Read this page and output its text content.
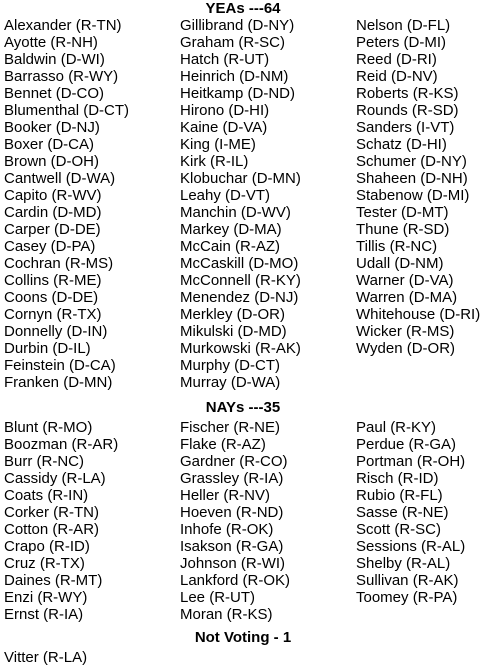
YEAs ---64
Alexander (R-TN)
Ayotte (R-NH)
Baldwin (D-WI)
Barrasso (R-WY)
Bennet (D-CO)
Blumenthal (D-CT)
Booker (D-NJ)
Boxer (D-CA)
Brown (D-OH)
Cantwell (D-WA)
Capito (R-WV)
Cardin (D-MD)
Carper (D-DE)
Casey (D-PA)
Cochran (R-MS)
Collins (R-ME)
Coons (D-DE)
Cornyn (R-TX)
Donnelly (D-IN)
Durbin (D-IL)
Feinstein (D-CA)
Franken (D-MN)
Gillibrand (D-NY)
Graham (R-SC)
Hatch (R-UT)
Heinrich (D-NM)
Heitkamp (D-ND)
Hirono (D-HI)
Kaine (D-VA)
King (I-ME)
Kirk (R-IL)
Klobuchar (D-MN)
Leahy (D-VT)
Manchin (D-WV)
Markey (D-MA)
McCain (R-AZ)
McCaskill (D-MO)
McConnell (R-KY)
Menendez (D-NJ)
Merkley (D-OR)
Mikulski (D-MD)
Murkowski (R-AK)
Murphy (D-CT)
Murray (D-WA)
Nelson (D-FL)
Peters (D-MI)
Reed (D-RI)
Reid (D-NV)
Roberts (R-KS)
Rounds (R-SD)
Sanders (I-VT)
Schatz (D-HI)
Schumer (D-NY)
Shaheen (D-NH)
Stabenow (D-MI)
Tester (D-MT)
Thune (R-SD)
Tillis (R-NC)
Udall (D-NM)
Warner (D-VA)
Warren (D-MA)
Whitehouse (D-RI)
Wicker (R-MS)
Wyden (D-OR)
NAYs ---35
Blunt (R-MO)
Boozman (R-AR)
Burr (R-NC)
Cassidy (R-LA)
Coats (R-IN)
Corker (R-TN)
Cotton (R-AR)
Crapo (R-ID)
Cruz (R-TX)
Daines (R-MT)
Enzi (R-WY)
Ernst (R-IA)
Fischer (R-NE)
Flake (R-AZ)
Gardner (R-CO)
Grassley (R-IA)
Heller (R-NV)
Hoeven (R-ND)
Inhofe (R-OK)
Isakson (R-GA)
Johnson (R-WI)
Lankford (R-OK)
Lee (R-UT)
Moran (R-KS)
Paul (R-KY)
Perdue (R-GA)
Portman (R-OH)
Risch (R-ID)
Rubio (R-FL)
Sasse (R-NE)
Scott (R-SC)
Sessions (R-AL)
Shelby (R-AL)
Sullivan (R-AK)
Toomey (R-PA)
Not Voting - 1
Vitter (R-LA)
